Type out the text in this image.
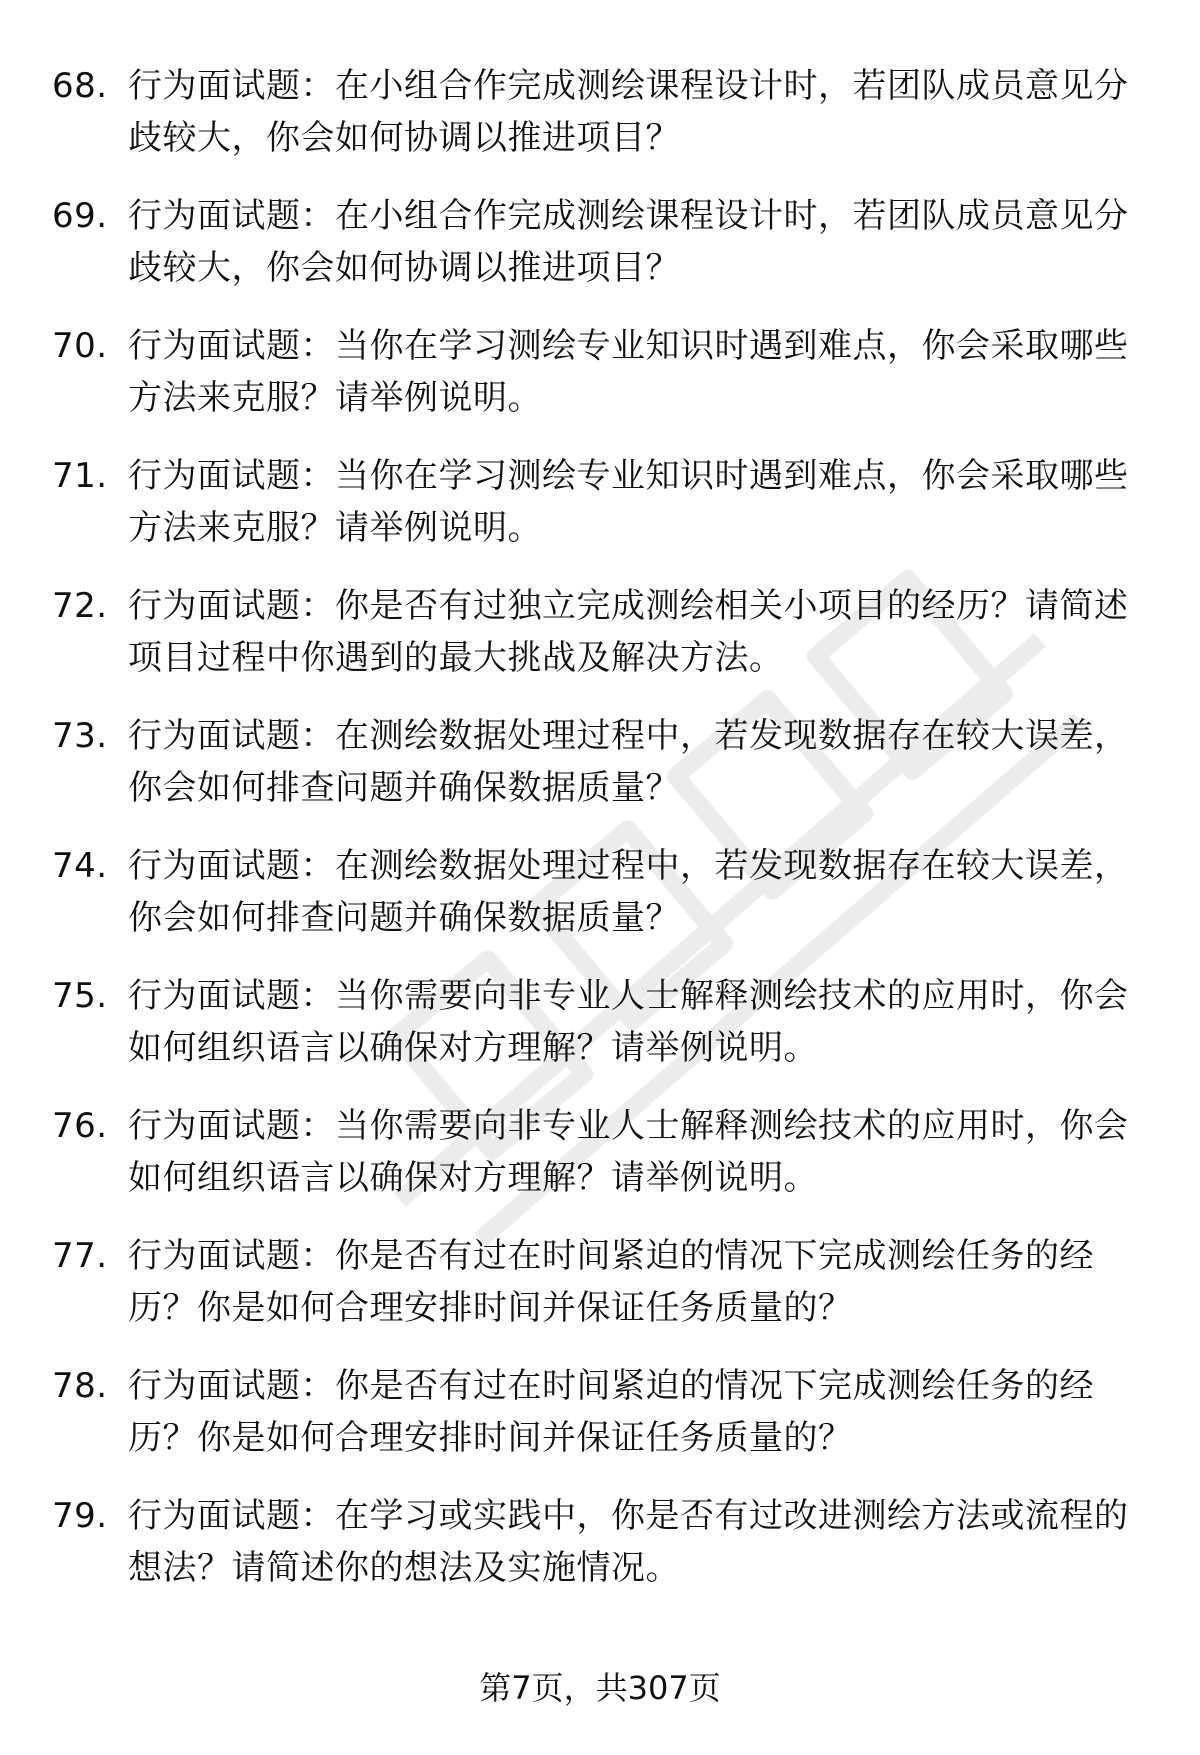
68. 行为面试题：在小组合作完成测绘课程设计时，若团队成员意见分歧较大，你会如何协调以推进项目？
69. 行为面试题：在小组合作完成测绘课程设计时，若团队成员意见分歧较大，你会如何协调以推进项目？
70. 行为面试题：当你在学习测绘专业知识时遇到难点，你会采取哪些方法来克服？请举例说明。
71. 行为面试题：当你在学习测绘专业知识时遇到难点，你会采取哪些方法来克服？请举例说明。
72. 行为面试题：你是否有过独立完成测绘相关小项目的经历？请简述项目过程中你遇到的最大挑战及解决方法。
73. 行为面试题：在测绘数据处理过程中，若发现数据存在较大误差，你会如何排查问题并确保数据质量？
74. 行为面试题：在测绘数据处理过程中，若发现数据存在较大误差，你会如何排查问题并确保数据质量？
75. 行为面试题：当你需要向非专业人士解释测绘技术的应用时，你会如何组织语言以确保对方理解？请举例说明。
76. 行为面试题：当你需要向非专业人士解释测绘技术的应用时，你会如何组织语言以确保对方理解？请举例说明。
77. 行为面试题：你是否有过在时间紧迫的情况下完成测绘任务的经历？你是如何合理安排时间并保证任务质量的？
78. 行为面试题：你是否有过在时间紧迫的情况下完成测绘任务的经历？你是如何合理安排时间并保证任务质量的？
79. 行为面试题：在学习或实践中，你是否有过改进测绘方法或流程的想法？请简述你的想法及实施情况。
第7页，共307页
